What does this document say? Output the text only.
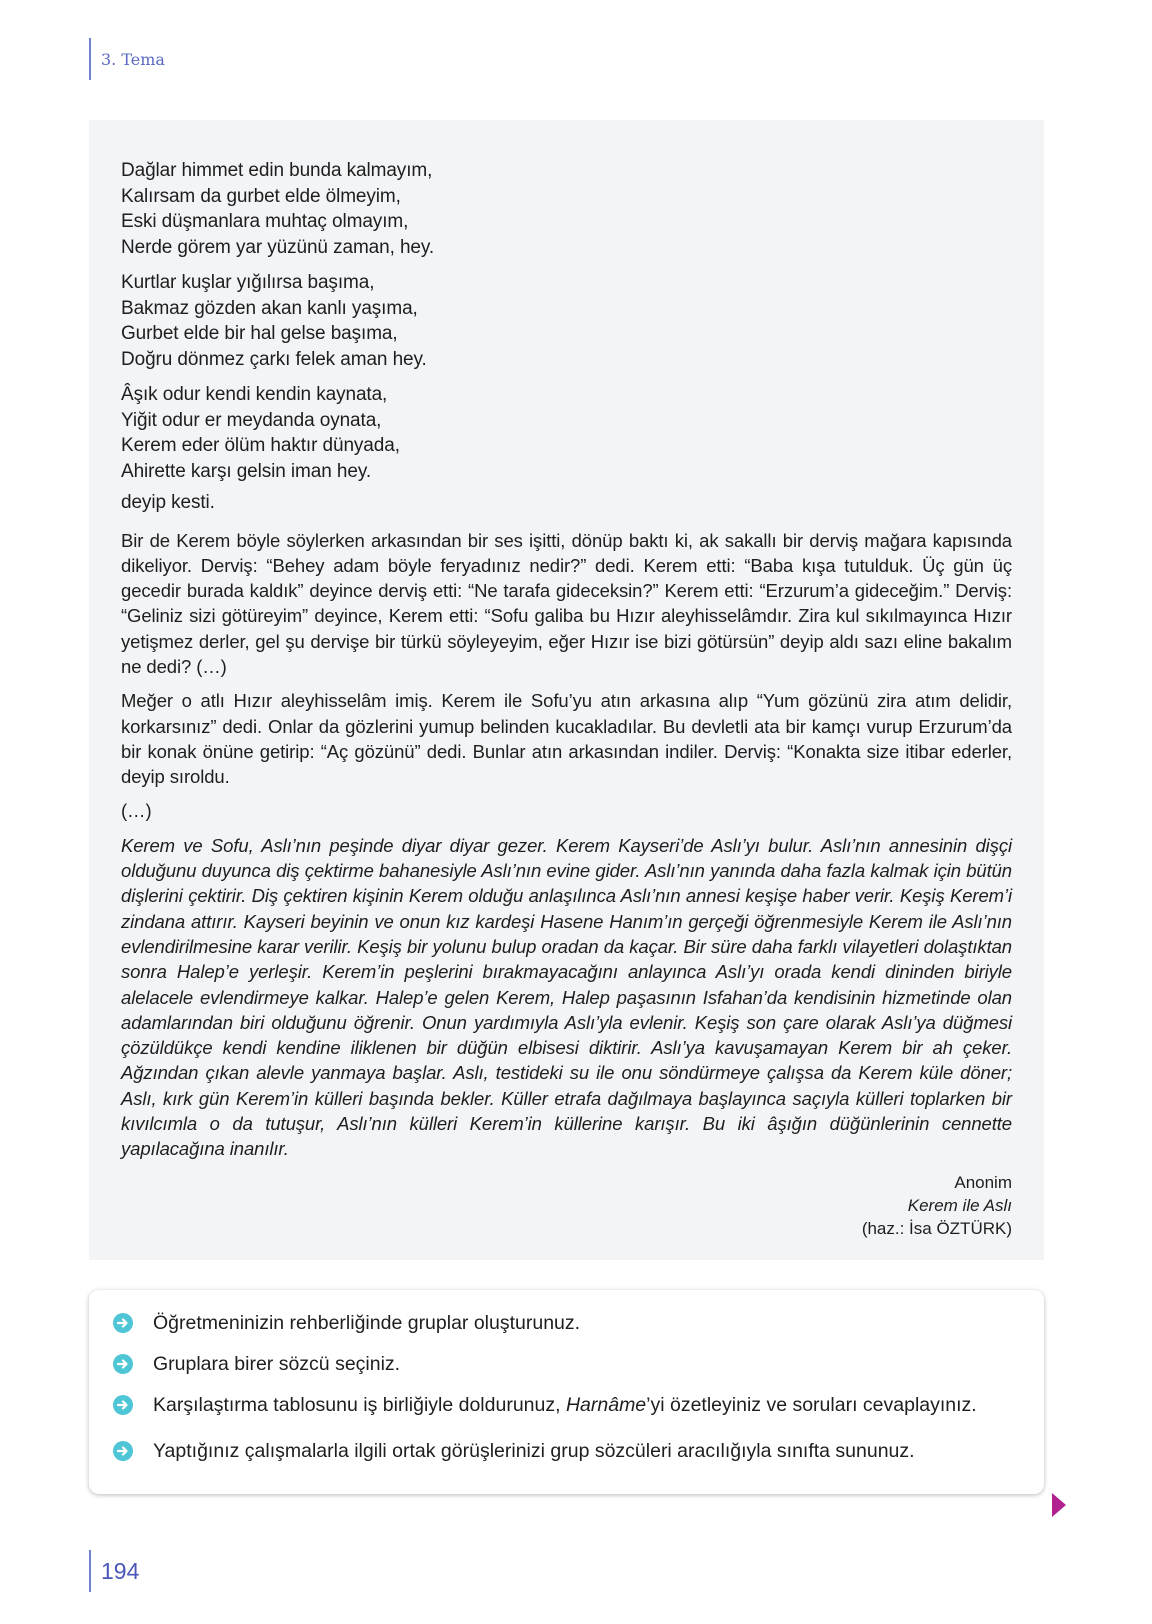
3. Tema
Dağlar himmet edin bunda kalmayım,
Kalırsam da gurbet elde ölmeyim,
Eski düşmanlara muhtaç olmayım,
Nerde görem yar yüzünü zaman, hey.
Kurtlar kuşlar yığılırsa başıma,
Bakmaz gözden akan kanlı yaşıma,
Gurbet elde bir hal gelse başıma,
Doğru dönmez çarkı felek aman hey.
Âşık odur kendi kendin kaynata,
Yiğit odur er meydanda oynata,
Kerem eder ölüm haktır dünyada,
Ahirette karşı gelsin iman hey.
deyip kesti.

Bir de Kerem böyle söylerken arkasından bir ses işitti, dönüp baktı ki, ak sakallı bir derviş mağara kapısında dikeliyor. Derviş: “Behey adam böyle feryadınız nedir?” dedi. Kerem etti: “Baba kışa tutulduk. Üç gün üç gecedir burada kaldık” deyince derviş etti: “Ne tarafa gideceksin?” Kerem etti: “Erzurum’a gideceğim.” Derviş: “Geliniz sizi götüreyim” deyince, Kerem etti: “Sofu galiba bu Hızır aleyhisselâmdır. Zira kul sıkılmayınca Hızır yetişmez derler, gel şu dervişe bir türkü söyleyeyim, eğer Hızır ise bizi götürsün” deyip aldı sazı eline bakalım ne dedi? (…)

Meğer o atlı Hızır aleyhisselâm imiş. Kerem ile Sofu’yu atın arkasına alıp “Yum gözünü zira atım delidir, korkarsınız” dedi. Onlar da gözlerini yumup belinden kucakladılar. Bu devletli ata bir kamçı vurup Erzurum’da bir konak önüne getirip: “Aç gözünü” dedi. Bunlar atın arkasından indiler. Derviş: “Konakta size itibar ederler, deyip sıroldu.

(…)

Kerem ve Sofu, Aslı’nın peşinde diyar diyar gezer. Kerem Kayseri’de Aslı’yı bulur. Aslı’nın annesinin dişçi olduğunu duyunca diş çektirme bahanesiyle Aslı’nın evine gider. Aslı’nın yanında daha fazla kalmak için bütün dişlerini çektirir. Diş çektiren kişinin Kerem olduğu anlaşılınca Aslı’nın annesi keşişe haber verir. Keşiş Kerem’i zindana attırır. Kayseri beyinin ve onun kız kardeşi Hasene Hanım’ın gerçeği öğrenmesiyle Kerem ile Aslı’nın evlendirilmesine karar verilir. Keşiş bir yolunu bulup oradan da kaçar. Bir süre daha farklı vilayetleri dolaştıktan sonra Halep’e yerleşir. Kerem’in peşlerini bırakmayacağını anlayınca Aslı’yı orada kendi dininden biriyle alelacele evlendirmeye kalkar. Halep’e gelen Kerem, Halep paşasının Isfahan’da kendisinin hizmetinde olan adamlarından biri olduğunu öğrenir. Onun yardımıyla Aslı’yla evlenir. Keşiş son çare olarak Aslı’ya düğmesi çözüldükçe kendi kendine iliklenen bir düğün elbisesi diktirir. Aslı’ya kavuşamayan Kerem bir ah çeker. Ağzından çıkan alevle yanmaya başlar. Aslı, testideki su ile onu söndürmeye çalışsa da Kerem küle döner; Aslı, kırk gün Kerem’in külleri başında bekler. Küller etrafa dağılmaya başlayınca saçıyla külleri toplarken bir kıvılcımla o da tutuşur, Aslı’nın külleri Kerem’in küllerine karışır. Bu iki âşığın düğünlerinin cennette yapılacağına inanılır.

Anonim
Kerem ile Aslı
(haz.: İsa ÖZTÜRK)
Öğretmeninizin rehberliğinde gruplar oluşturunuz.
Gruplara birer sözcü seçiniz.
Karşılaştırma tablosunu iş birliğiyle doldurunuz, Harnâme’yi özetleyiniz ve soruları cevaplayınız.
Yaptığınız çalışmalarla ilgili ortak görüşlerinizi grup sözcüleri aracılığıyla sınıfta sununuz.
194
